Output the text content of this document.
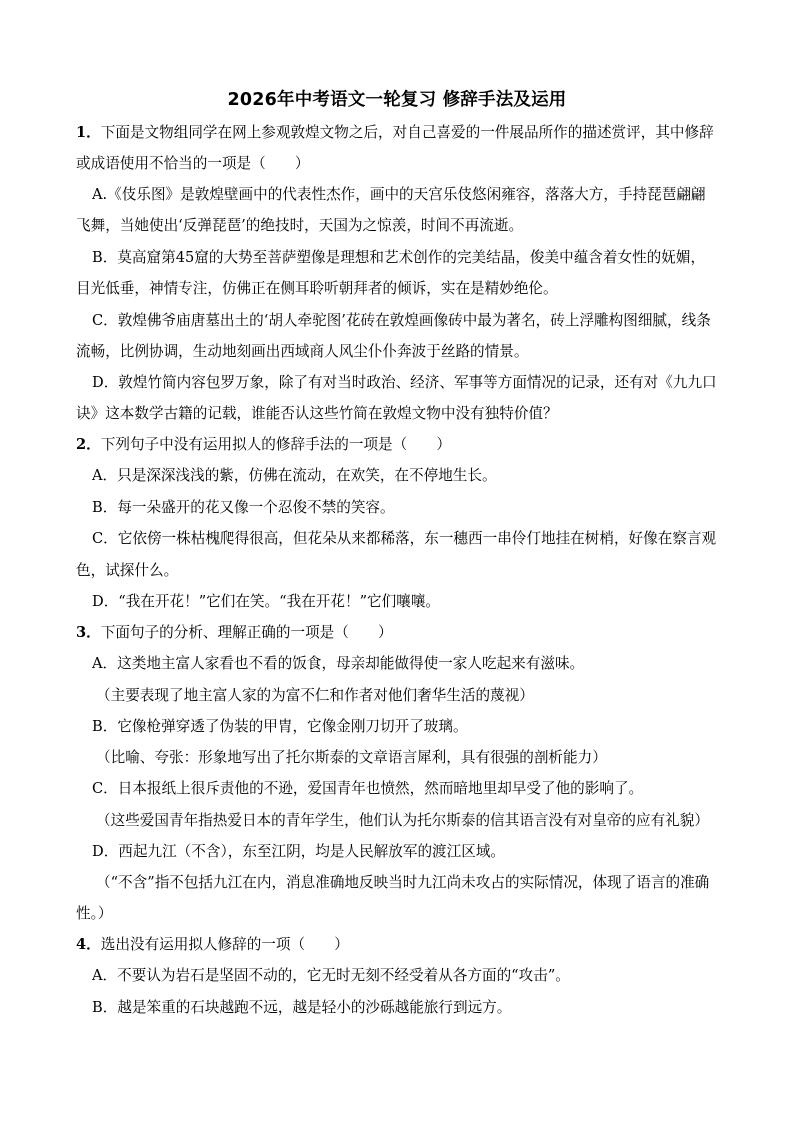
2026年中考语文一轮复习 修辞手法及运用
1．下面是文物组同学在网上参观敦煌文物之后，对自己喜爱的一件展品所作的描述赏评，其中修辞
或成语使用不恰当的一项是（　　）
A.《伎乐图》是敦煌壁画中的代表性杰作，画中的天宫乐伎悠闲雍容，落落大方，手持琵琶翩翩
飞舞，当她使出‘反弹琵琶’的绝技时，天国为之惊羡，时间不再流逝。
B．莫高窟第45窟的大势至菩萨塑像是理想和艺术创作的完美结晶，俊美中蕴含着女性的妩媚，
目光低垂，神情专注，仿佛正在侧耳聆听朝拜者的倾诉，实在是精妙绝伦。
C．敦煌佛爷庙唐墓出土的‘胡人牵驼图’花砖在敦煌画像砖中最为著名，砖上浮雕构图细腻，线条
流畅，比例协调，生动地刻画出西域商人风尘仆仆奔波于丝路的情景。
D．敦煌竹简内容包罗万象，除了有对当时政治、经济、军事等方面情况的记录，还有对《九九口
诀》这本数学古籍的记载，谁能否认这些竹简在敦煌文物中没有独特价值？
2．下列句子中没有运用拟人的修辞手法的一项是（　　）
A．只是深深浅浅的紫，仿佛在流动，在欢笑，在不停地生长。
B．每一朵盛开的花又像一个忍俊不禁的笑容。
C．它依傍一株枯槐爬得很高，但花朵从来都稀落，东一穗西一串伶仃地挂在树梢，好像在察言观
色，试探什么。
D．“我在开花！”它们在笑。“我在开花！”它们嚷嚷。
3．下面句子的分析、理解正确的一项是（　　）
A．这类地主富人家看也不看的饭食，母亲却能做得使一家人吃起来有滋味。
（主要表现了地主富人家的为富不仁和作者对他们奢华生活的蔑视）
B．它像枪弹穿透了伪装的甲胄，它像金刚刀切开了玻璃。
（比喻、夸张：形象地写出了托尔斯泰的文章语言犀利，具有很强的剖析能力）
C．日本报纸上很斥责他的不逊，爱国青年也愤然，然而暗地里却早受了他的影响了。
（这些爱国青年指热爱日本的青年学生，他们认为托尔斯泰的信其语言没有对皇帝的应有礼貌）
D．西起九江（不含），东至江阴，均是人民解放军的渡江区域。
（“不含”指不包括九江在内，消息准确地反映当时九江尚未攻占的实际情况，体现了语言的准确
性。）
4．选出没有运用拟人修辞的一项（　　）
A．不要认为岩石是坚固不动的，它无时无刻不经受着从各方面的“攻击”。
B．越是笨重的石块越跑不远，越是轻小的沙砾越能旅行到远方。
